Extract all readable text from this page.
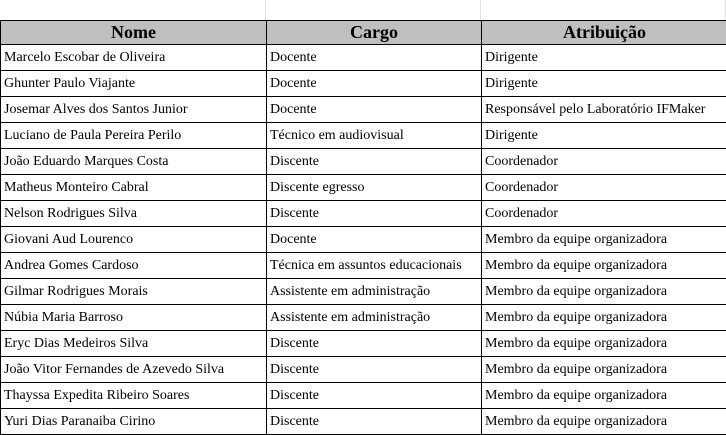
Nome	Cargo	Atribuição
Marcelo Escobar de Oliveira	Docente	Dirigente
Ghunter Paulo Viajante	Docente	Dirigente
Josemar Alves dos Santos Junior	Docente	Responsável pelo Laboratório IFMaker
Luciano de Paula Pereira Perilo	Técnico em audiovisual	Dirigente
João Eduardo Marques Costa	Discente	Coordenador
Matheus Monteiro Cabral	Discente egresso	Coordenador
Nelson Rodrigues Silva	Discente	Coordenador
Giovani Aud Lourenco	Docente	Membro da equipe organizadora
Andrea Gomes Cardoso	Técnica em assuntos educacionais	Membro da equipe organizadora
Gilmar Rodrigues Morais	Assistente em administração	Membro da equipe organizadora
Núbia Maria Barroso	Assistente em administração	Membro da equipe organizadora
Eryc Dias Medeiros Silva	Discente	Membro da equipe organizadora
João Vitor Fernandes de Azevedo Silva	Discente	Membro da equipe organizadora
Thayssa Expedita Ribeiro Soares	Discente	Membro da equipe organizadora
Yuri Dias Paranaiba Cirino	Discente	Membro da equipe organizadora
